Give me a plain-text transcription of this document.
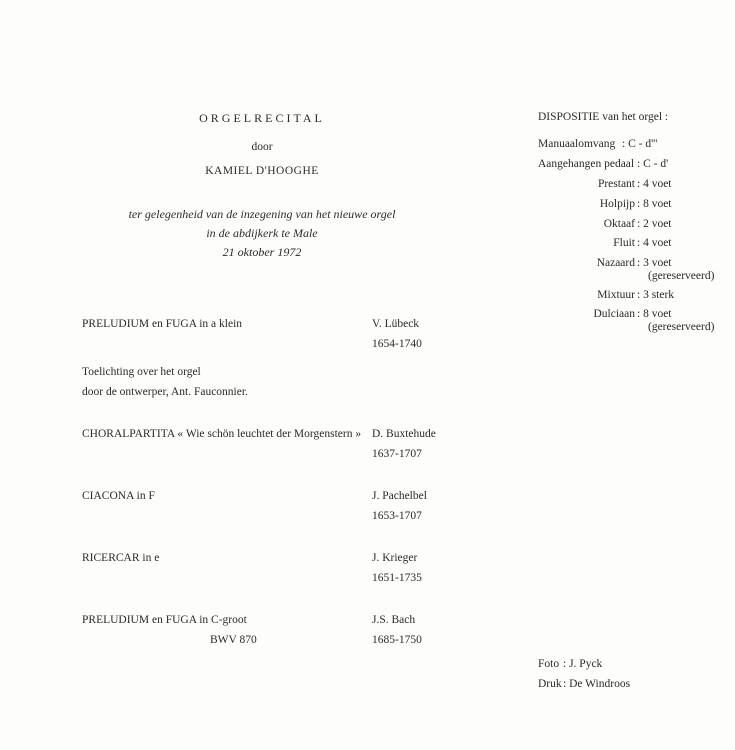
ORGELRECITAL
door
KAMIEL D'HOOGHE
ter gelegenheid van de inzegening van het nieuwe orgel
in de abdijkerk te Male
21 oktober 1972
PRELUDIUM en FUGA in a klein	V. Lübeck
1654-1740
Toelichting over het orgel
door de ontwerper, Ant. Fauconnier.
CHORALPARTITA « Wie schön leuchtet der Morgenstern » D. Buxtehude
1637-1707
CIACONA in F	J. Pachelbel
1653-1707
RICERCAR in e	J. Krieger
1651-1735
PRELUDIUM en FUGA in C-groot	J.S. Bach
BWV 870	1685-1750
DISPOSITIE van het orgel :
Manuaalomvang : C - d'''
Aangehangen pedaal : C - d'
Prestant : 4 voet
Holpijp : 8 voet
Oktaaf : 2 voet
Fluit : 4 voet
Nazaard : 3 voet
(gereserveerd)
Mixtuur : 3 sterk
Dulciaan : 8 voet
(gereserveerd)
Foto : J. Pyck
Druk : De Windroos
